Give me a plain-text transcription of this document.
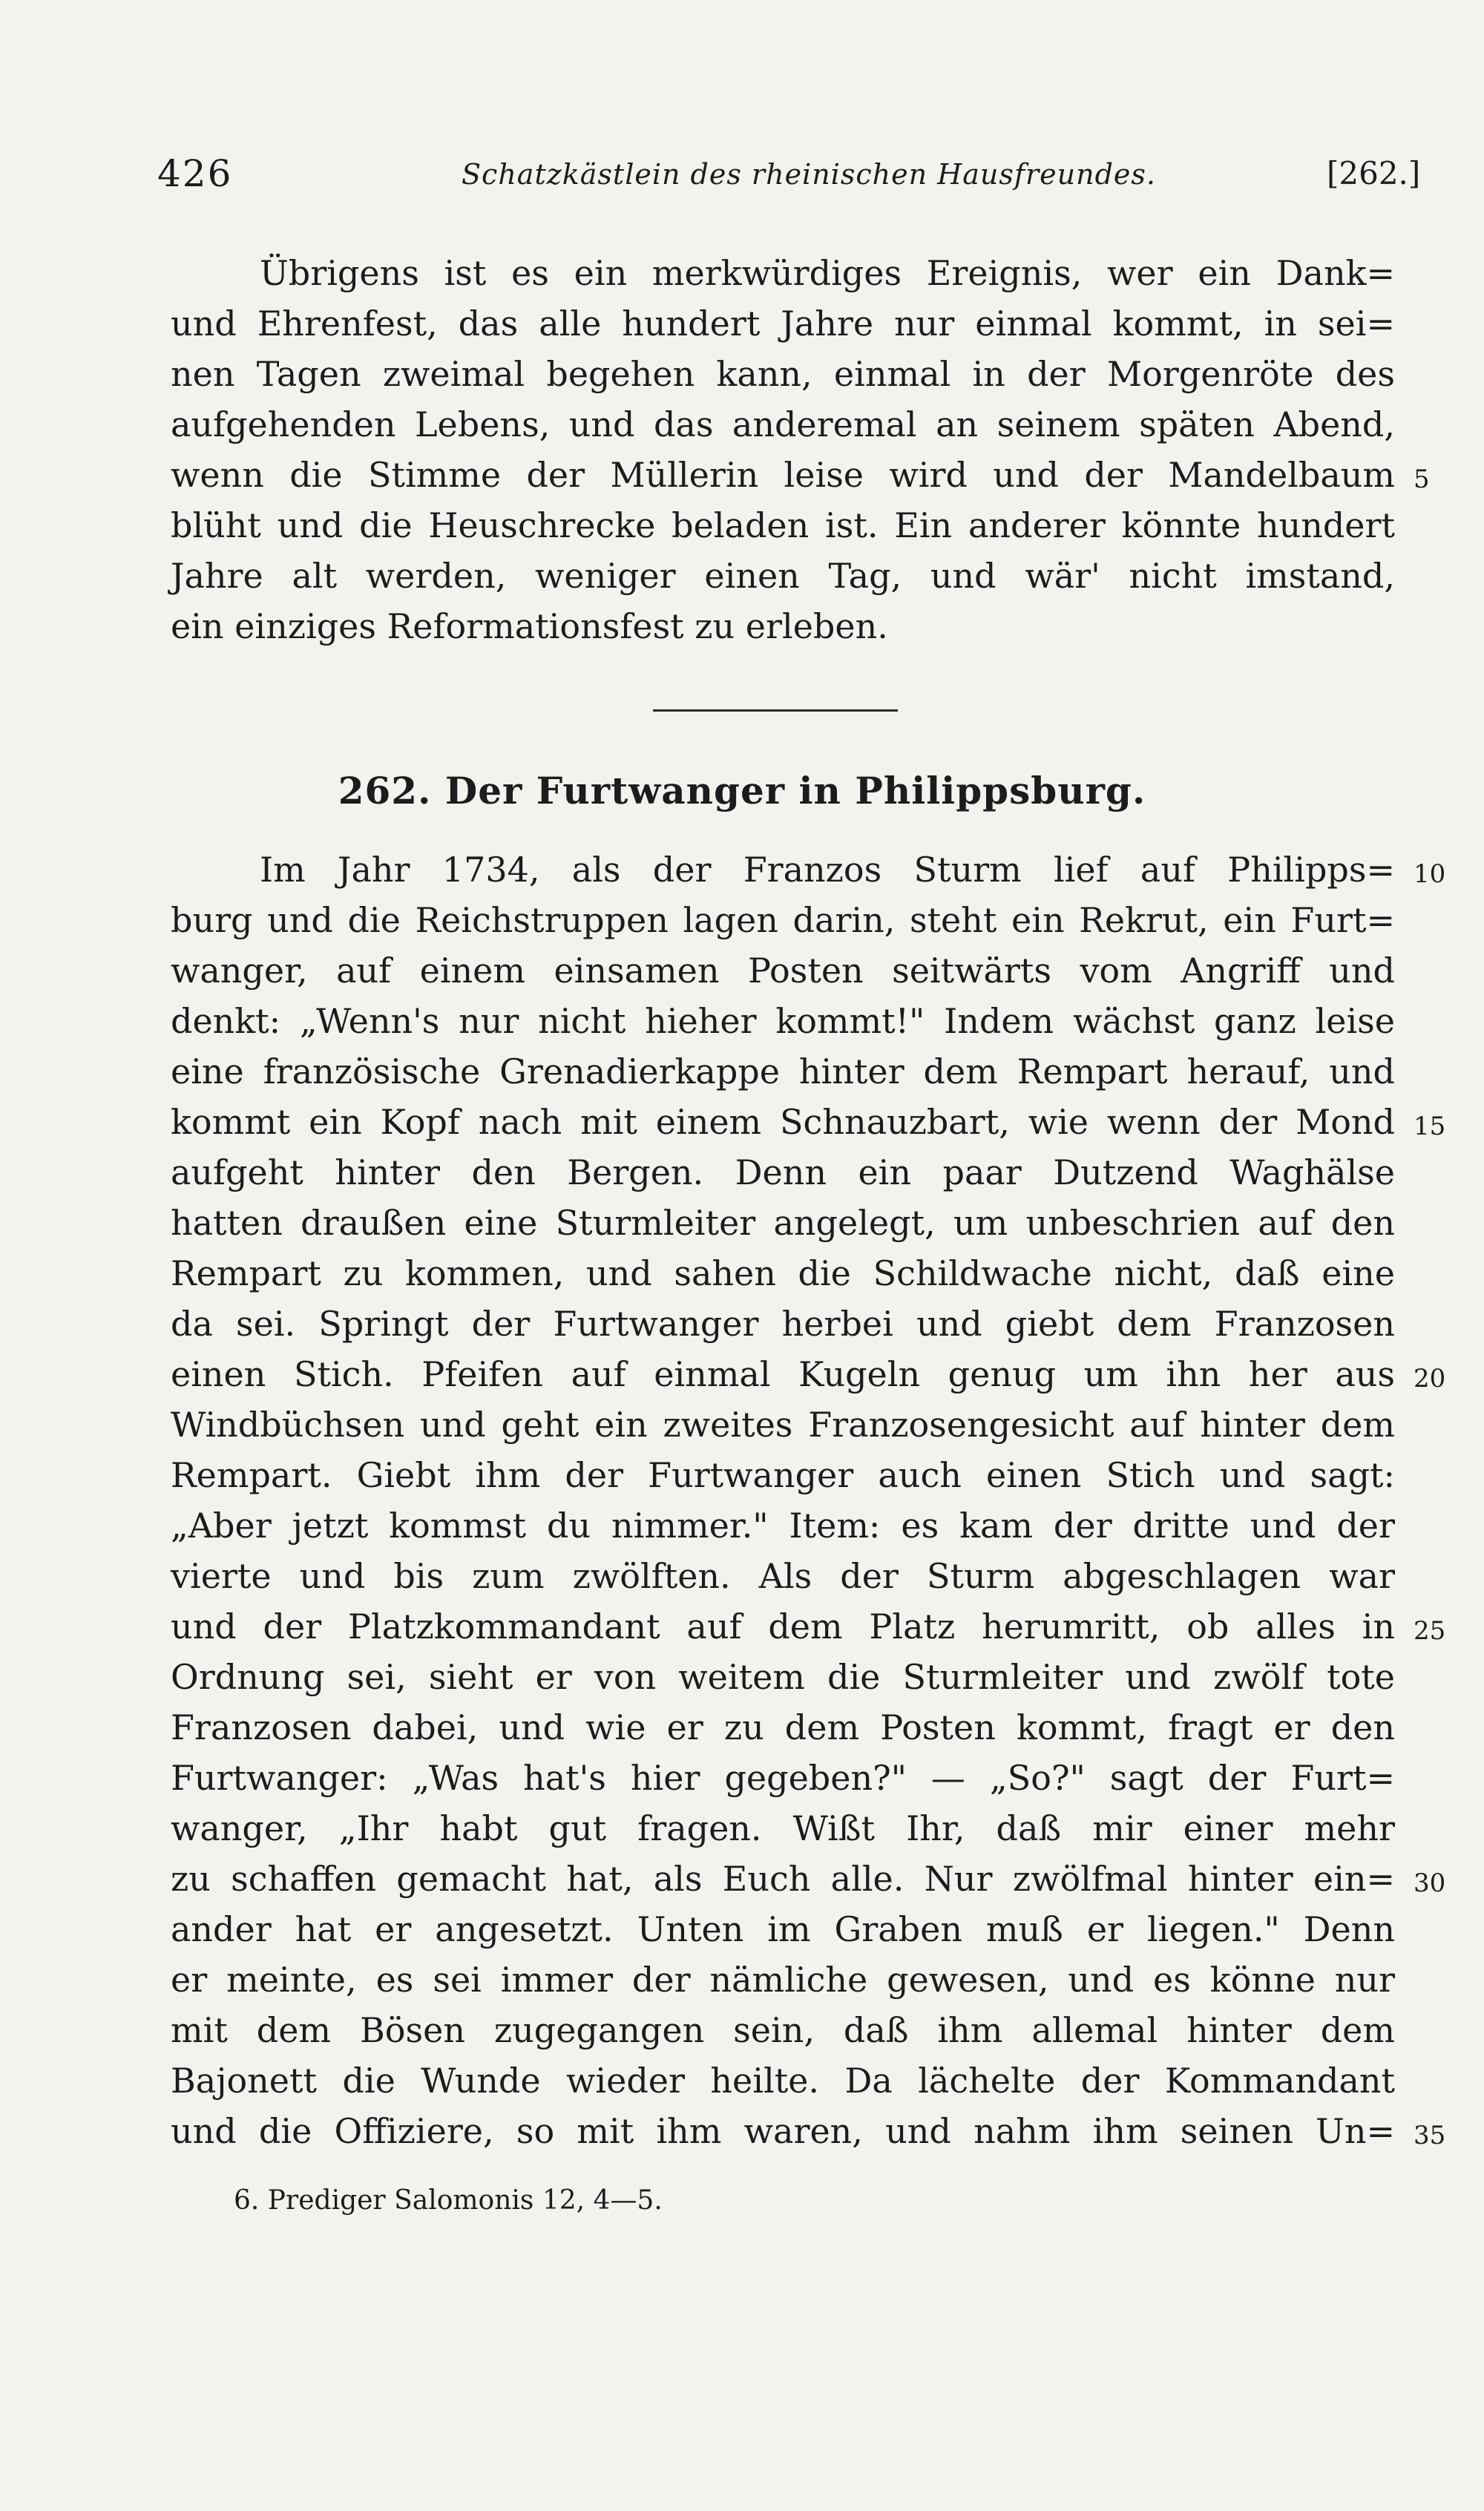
426	Schatzkästlein des rheinischen Hausfreundes.	[262.]
Übrigens ist es ein merkwürdiges Ereignis, wer ein Dank=
und Ehrenfest, das alle hundert Jahre nur einmal kommt, in sei=
nen Tagen zweimal begehen kann, einmal in der Morgenröte des
aufgehenden Lebens, und das anderemal an seinem späten Abend,
wenn die Stimme der Müllerin leise wird und der Mandelbaum
blüht und die Heuschrecke beladen ist. Ein anderer könnte hundert
Jahre alt werden, weniger einen Tag, und wär' nicht imstand,
ein einziges Reformationsfest zu erleben.
262. Der Furtwanger in Philippsburg.
Im Jahr 1734, als der Franzos Sturm lief auf Philipps=
burg und die Reichstruppen lagen darin, steht ein Rekrut, ein Furt=
wanger, auf einem einsamen Posten seitwärts vom Angriff und
denkt: „Wenn's nur nicht hieher kommt!" Indem wächst ganz leise
eine französische Grenadierkappe hinter dem Rempart herauf, und
kommt ein Kopf nach mit einem Schnauzbart, wie wenn der Mond
aufgeht hinter den Bergen. Denn ein paar Dutzend Waghälse
hatten draußen eine Sturmleiter angelegt, um unbeschrien auf den
Rempart zu kommen, und sahen die Schildwache nicht, daß eine
da sei. Springt der Furtwanger herbei und giebt dem Franzosen
einen Stich. Pfeifen auf einmal Kugeln genug um ihn her aus
Windbüchsen und geht ein zweites Franzosengesicht auf hinter dem
Rempart. Giebt ihm der Furtwanger auch einen Stich und sagt:
„Aber jetzt kommst du nimmer." Item: es kam der dritte und der
vierte und bis zum zwölften. Als der Sturm abgeschlagen war
und der Platzkommandant auf dem Platz herumritt, ob alles in
Ordnung sei, sieht er von weitem die Sturmleiter und zwölf tote
Franzosen dabei, und wie er zu dem Posten kommt, fragt er den
Furtwanger: „Was hat's hier gegeben?" — „So?" sagt der Furt=
wanger, „Ihr habt gut fragen. Wißt Ihr, daß mir einer mehr
zu schaffen gemacht hat, als Euch alle. Nur zwölfmal hinter ein=
ander hat er angesetzt. Unten im Graben muß er liegen." Denn
er meinte, es sei immer der nämliche gewesen, und es könne nur
mit dem Bösen zugegangen sein, daß ihm allemal hinter dem
Bajonett die Wunde wieder heilte. Da lächelte der Kommandant
und die Offiziere, so mit ihm waren, und nahm ihm seinen Un=
5
10
15
20
25
30
35
6. Prediger Salomonis 12, 4—5.
